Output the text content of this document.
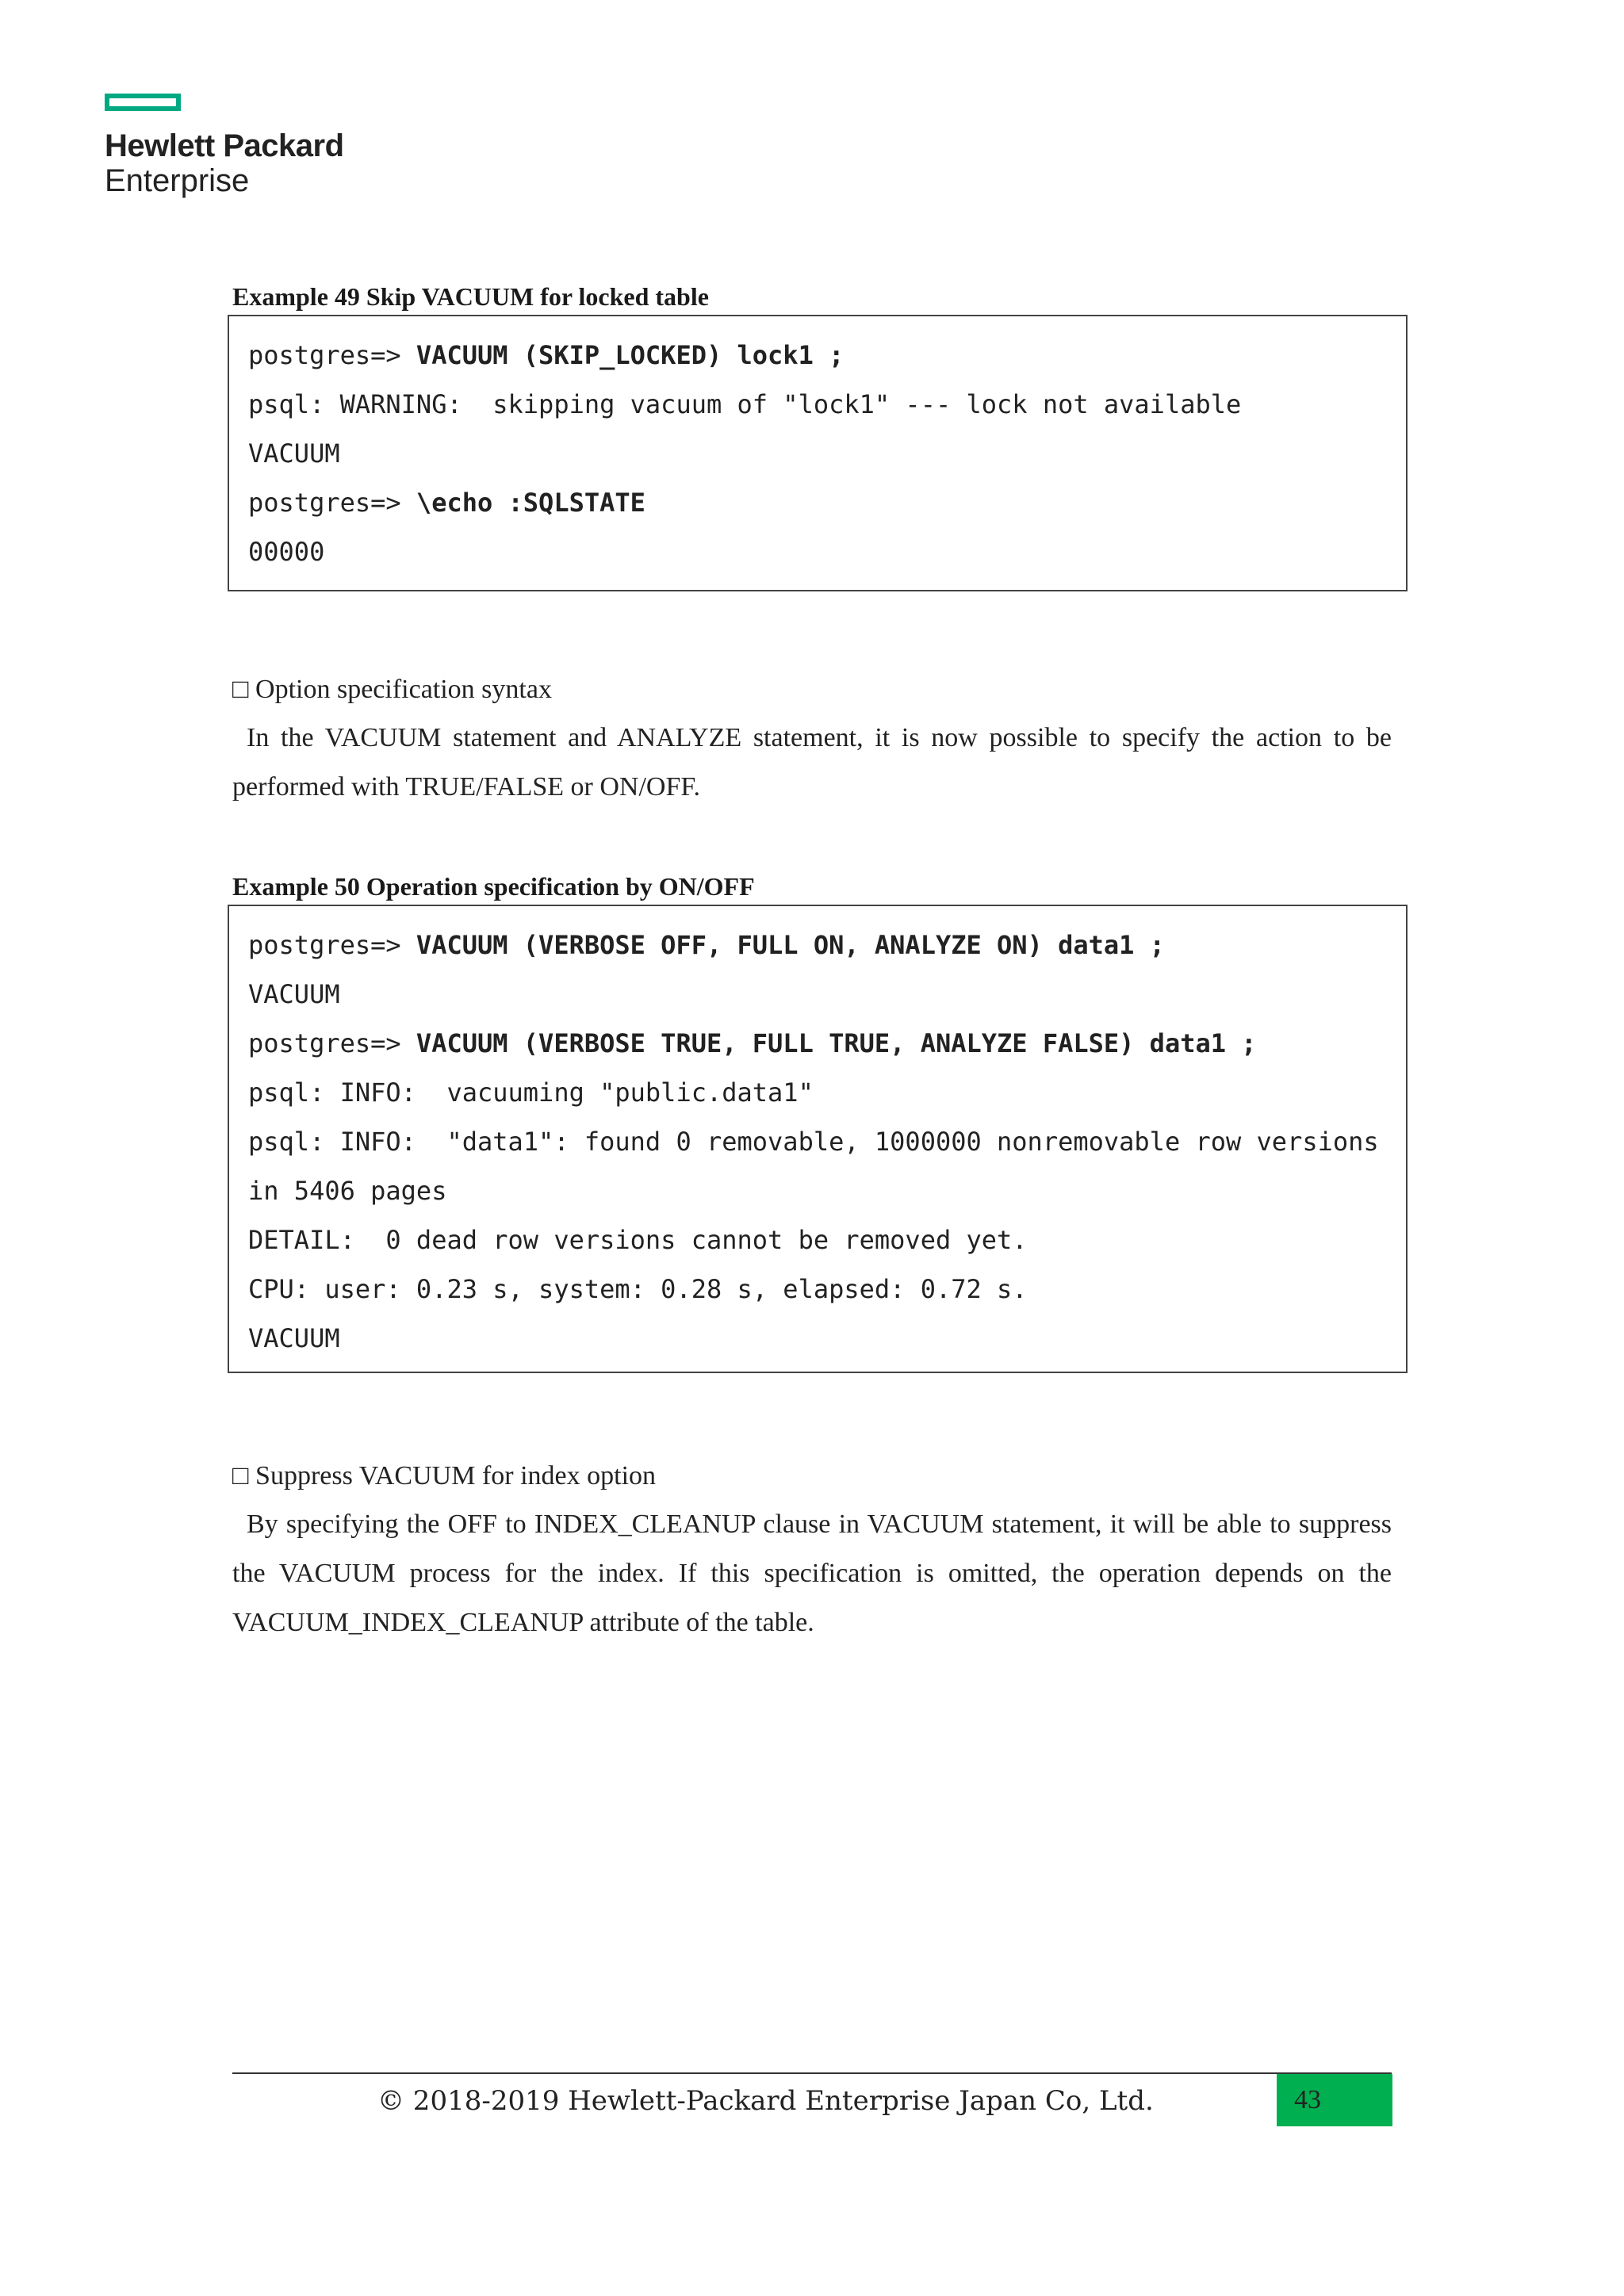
Hewlett Packard
Enterprise
Example 49 Skip VACUUM for locked table
postgres=> VACUUM (SKIP_LOCKED) lock1 ;
psql: WARNING:  skipping vacuum of "lock1" --- lock not available
VACUUM
postgres=> \echo :SQLSTATE
00000
□ Option specification syntax
In the VACUUM statement and ANALYZE statement, it is now possible to specify the action to be performed with TRUE/FALSE or ON/OFF.
Example 50 Operation specification by ON/OFF
postgres=> VACUUM (VERBOSE OFF, FULL ON, ANALYZE ON) data1 ;
VACUUM
postgres=> VACUUM (VERBOSE TRUE, FULL TRUE, ANALYZE FALSE) data1 ;
psql: INFO:  vacuuming "public.data1"
psql: INFO:  "data1": found 0 removable, 1000000 nonremovable row versions
in 5406 pages
DETAIL:  0 dead row versions cannot be removed yet.
CPU: user: 0.23 s, system: 0.28 s, elapsed: 0.72 s.
VACUUM
□ Suppress VACUUM for index option
By specifying the OFF to INDEX_CLEANUP clause in VACUUM statement, it will be able to suppress the VACUUM process for the index. If this specification is omitted, the operation depends on the VACUUM_INDEX_CLEANUP attribute of the table.
© 2018-2019 Hewlett-Packard Enterprise Japan Co, Ltd.	43
